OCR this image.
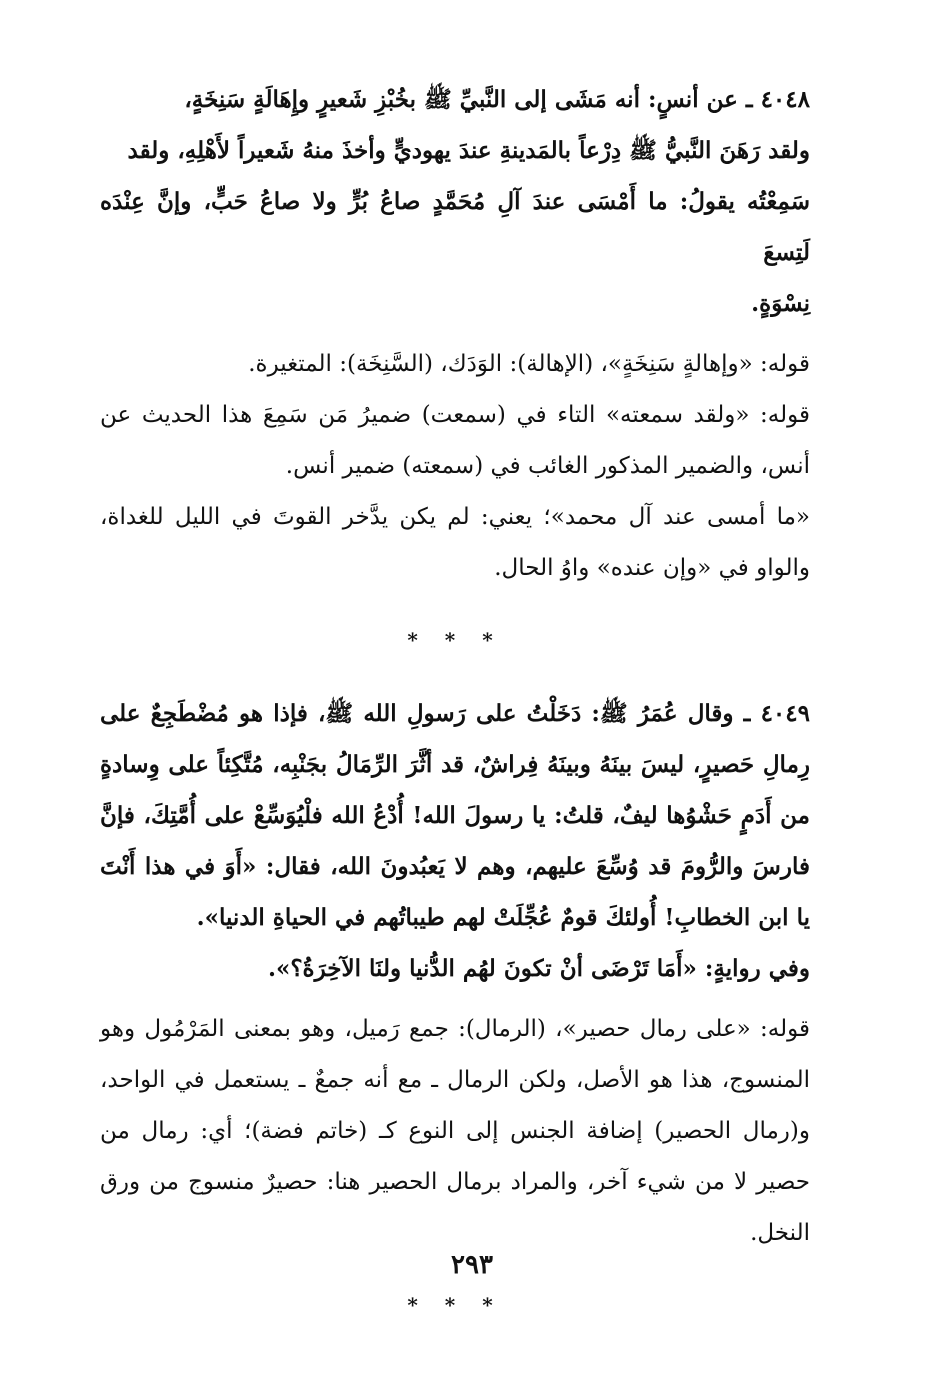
٤٠٤٨ ـ عن أنسٍ: أنه مَشَى إلى النَّبيِّ ﷺ بخُبْزِ شَعيرٍ وإِهَالَةٍ سَنِخَةٍ،

ولقد رَهَنَ النَّبيُّ ﷺ دِرْعاً بالمَدينةِ عندَ يهوديٍّ وأخذَ منهُ شَعيراً لأَهْلِهِ، ولقد

سَمِعْتُه يقولُ: ما أَمْسَى عندَ آلِ مُحَمَّدٍ صاعُ بُرٍّ ولا صاعُ حَبٍّ، وإنَّ عِنْدَه لَتِسعَ

نِسْوَةٍ.

قوله: «وإهالةٍ سَنِخَةٍ»، (الإهالة): الوَدَك، (السَّنِخَة): المتغيرة.

قوله: «ولقد سمعته» التاء في (سمعت) ضميرُ مَن سَمِعَ هذا الحديث عن أنس، والضمير المذكور الغائب في (سمعته) ضمير أنس.

«ما أمسى عند آل محمد»؛ يعني: لم يكن يدَّخر القوتَ في الليل للغداة، والواو في «وإن عنده» واوُ الحال.

* * *

٤٠٤٩ ـ وقال عُمَرُ ﷺ: دَخَلْتُ على رَسولِ الله ﷺ، فإذا هو مُضْطَجِعٌ على رِمالِ حَصيرٍ، ليسَ بينَهُ وبينَهُ فِراشٌ، قد أثَّرَ الرِّمَالُ بجَنْبِه، مُتَّكِئاً على وِسادةٍ من أَدَمٍ حَشْوُها ليفٌ، قلتُ: يا رسولَ الله! أُدْعُ الله فلْيُوَسِّعْ على أُمَّتِكَ، فإنَّ فارسَ والرُّومَ قد وُسِّعَ عليهم، وهم لا يَعبُدونَ الله، فقال: «أَوَ في هذا أَنْتَ يا ابن الخطابِ! أُولئكَ قومٌ عُجِّلَتْ لهم طيباتُهم في الحياةِ الدنيا».

وفي روايةٍ: «أَمَا تَرْضَى أنْ تكونَ لهُم الدُّنيا ولنَا الآخِرَةُ؟».

قوله: «على رمال حصير»، (الرمال): جمع رَميل، وهو بمعنى المَرْمُول وهو المنسوج، هذا هو الأصل، ولكن الرمال ـ مع أنه جمعٌ ـ يستعمل في الواحد، و(رمال الحصير) إضافة الجنس إلى النوع كـ (خاتم فضة)؛ أي: رمال من حصير لا من شيء آخر، والمراد برمال الحصير هنا: حصيرٌ منسوج من ورق النخل.

* * *
٢٩٣
